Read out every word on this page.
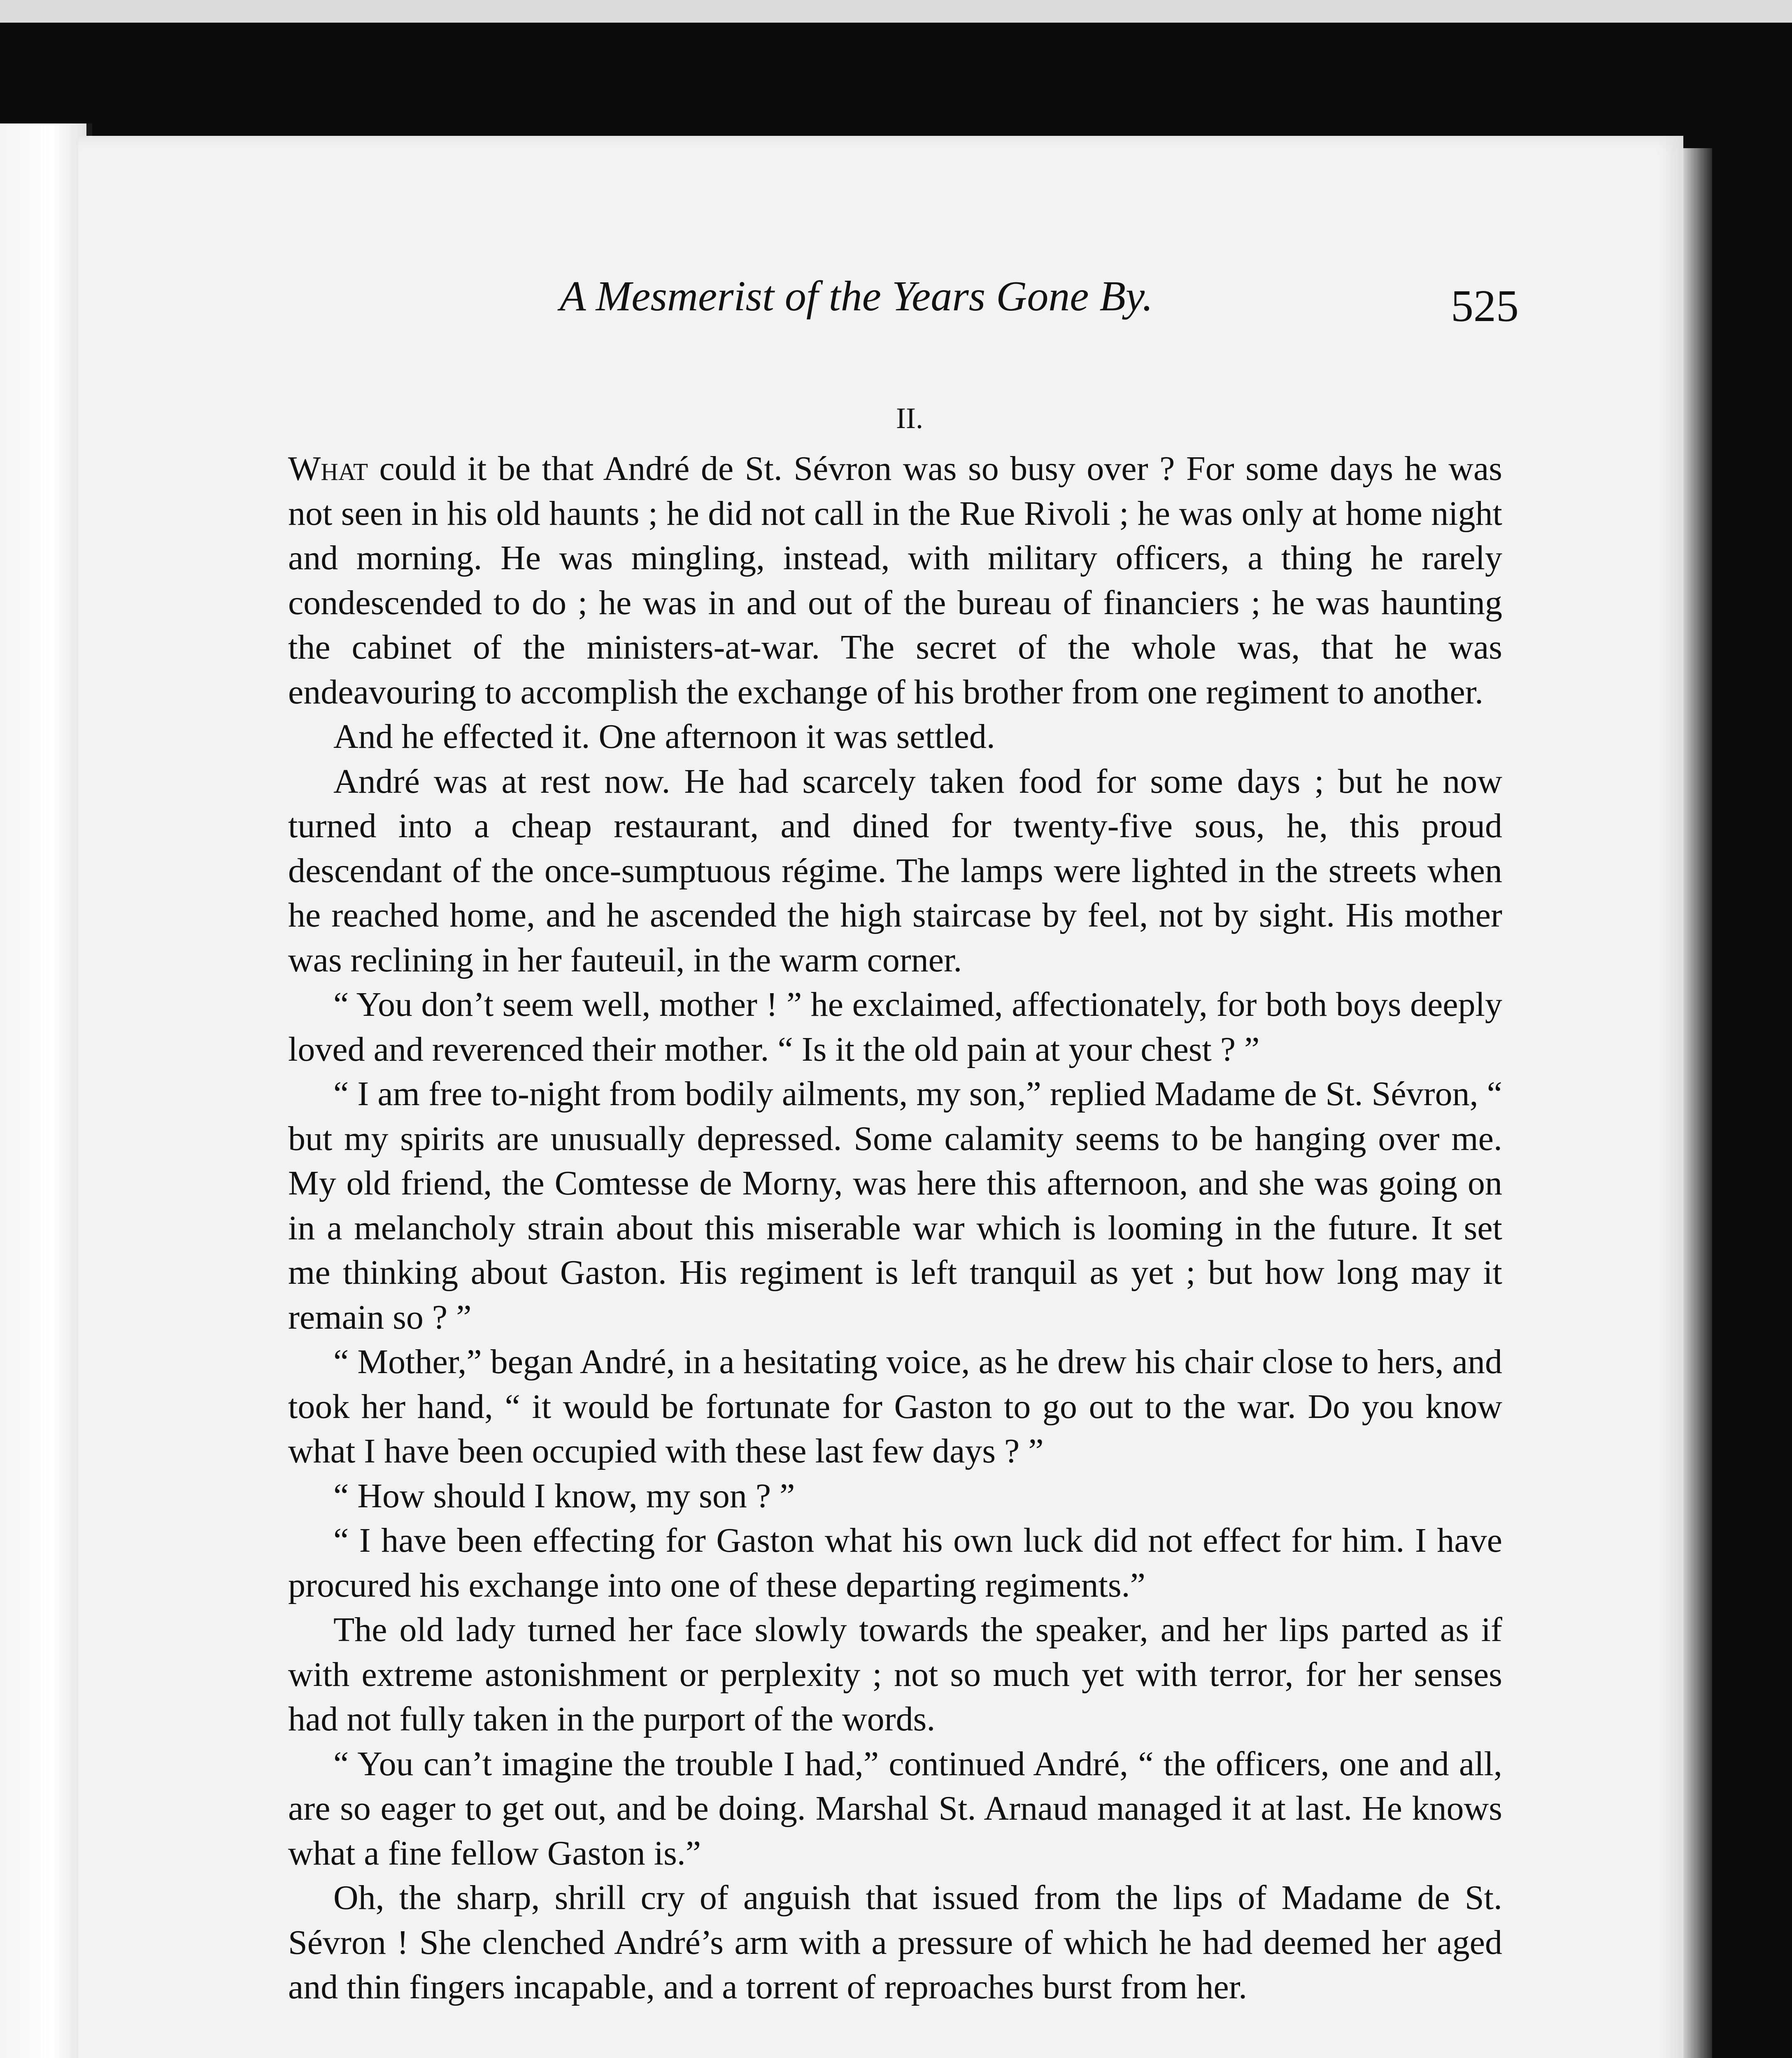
A Mesmerist of the Years Gone By.	525
II.

What could it be that André de St. Sévron was so busy over ? For some days he was not seen in his old haunts ; he did not call in the Rue Rivoli ; he was only at home night and morning. He was mingling, instead, with military officers, a thing he rarely condescended to do ; he was in and out of the bureau of financiers ; he was haunting the cabinet of the ministers-at-war. The secret of the whole was, that he was endeavouring to accomplish the exchange of his brother from one regiment to another.

And he effected it. One afternoon it was settled.

André was at rest now. He had scarcely taken food for some days ; but he now turned into a cheap restaurant, and dined for twenty-five sous, he, this proud descendant of the once-sumptuous régime. The lamps were lighted in the streets when he reached home, and he ascended the high staircase by feel, not by sight. His mother was reclining in her fauteuil, in the warm corner.

“ You don’t seem well, mother ! ” he exclaimed, affectionately, for both boys deeply loved and reverenced their mother. “ Is it the old pain at your chest ? ”

“ I am free to-night from bodily ailments, my son,” replied Madame de St. Sévron, “ but my spirits are unusually depressed. Some calamity seems to be hanging over me. My old friend, the Comtesse de Morny, was here this afternoon, and she was going on in a melancholy strain about this miserable war which is looming in the future. It set me thinking about Gaston. His regiment is left tranquil as yet ; but how long may it remain so ? ”

“ Mother,” began André, in a hesitating voice, as he drew his chair close to hers, and took her hand, “ it would be fortunate for Gaston to go out to the war. Do you know what I have been occupied with these last few days ? ”

“ How should I know, my son ? ”

“ I have been effecting for Gaston what his own luck did not effect for him. I have procured his exchange into one of these departing regiments.”

The old lady turned her face slowly towards the speaker, and her lips parted as if with extreme astonishment or perplexity ; not so much yet with terror, for her senses had not fully taken in the purport of the words.

“ You can’t imagine the trouble I had,” continued André, “ the officers, one and all, are so eager to get out, and be doing. Marshal St. Arnaud managed it at last. He knows what a fine fellow Gaston is.”

Oh, the sharp, shrill cry of anguish that issued from the lips of Madame de St. Sévron ! She clenched André’s arm with a pressure of which he had deemed her aged and thin fingers incapable, and a torrent of reproaches burst from her.
